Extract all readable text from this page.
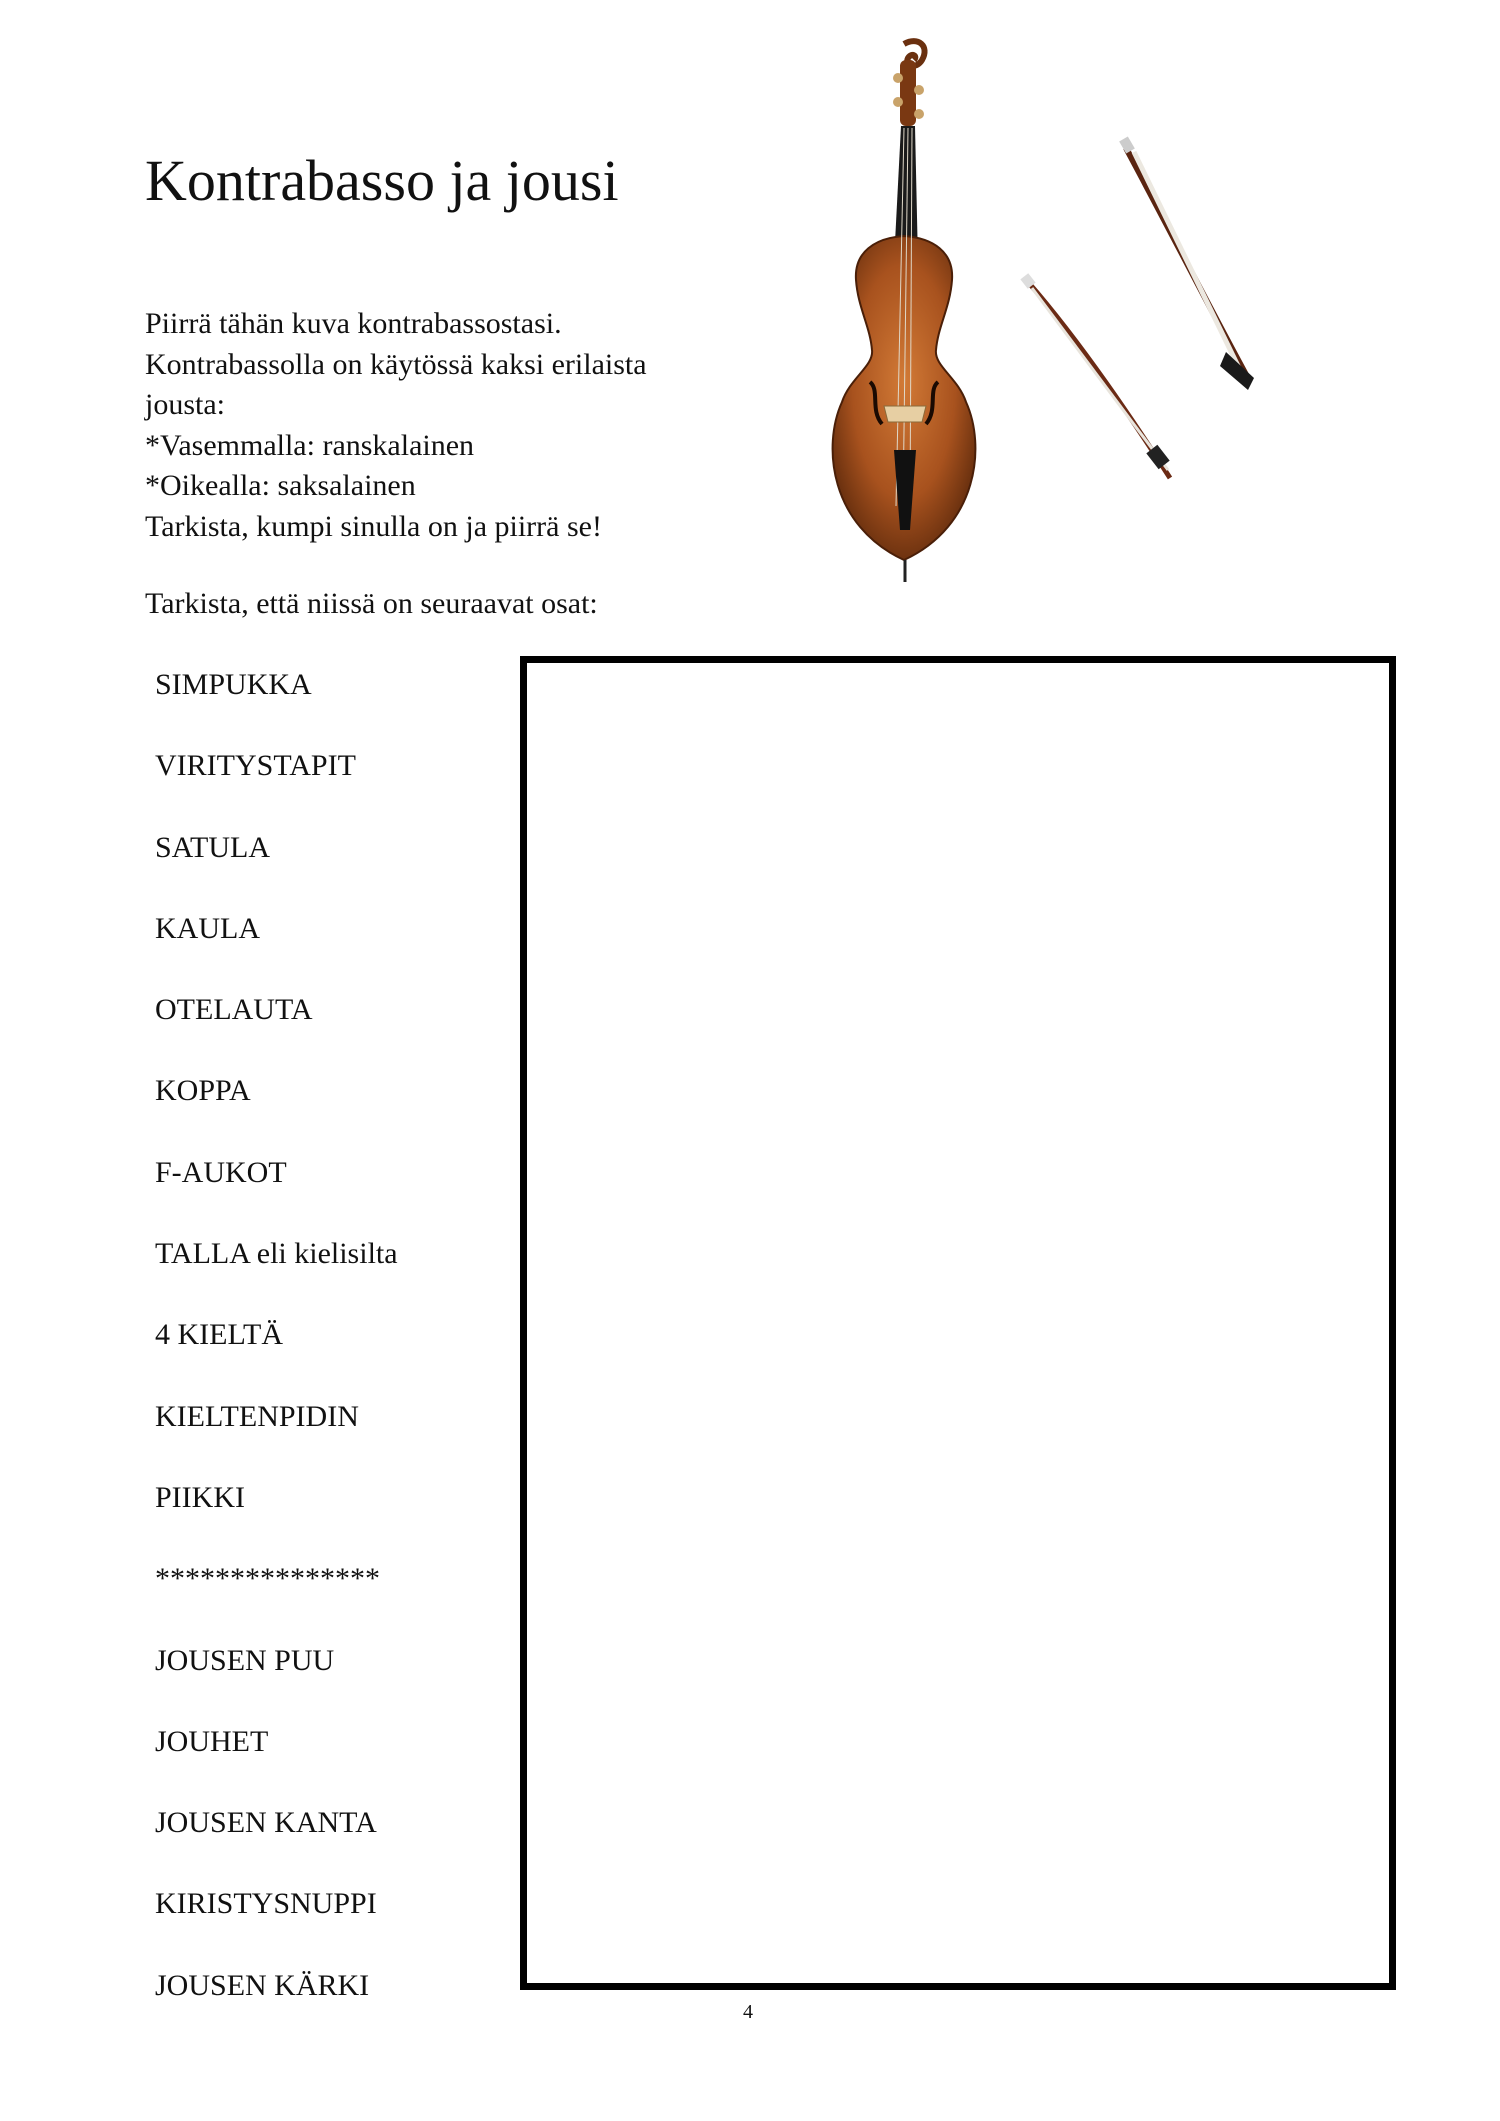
Kontrabasso ja jousi
Piirrä tähän kuva kontrabassostasi.
Kontrabassolla on käytössä kaksi erilaista
jousta:
*Vasemmalla: ranskalainen
*Oikealla: saksalainen
Tarkista, kumpi sinulla on ja piirrä se!
Tarkista, että niissä on seuraavat osat:
SIMPUKKA
VIRITYSTAPIT
SATULA
KAULA
OTELAUTA
KOPPA
F-AUKOT
TALLA eli kielisilta
4 KIELTÄ
KIELTENPIDIN
PIIKKI
***************
JOUSEN PUU
JOUHET
JOUSEN KANTA
KIRISTYSNUPPI
JOUSEN KÄRKI
4
